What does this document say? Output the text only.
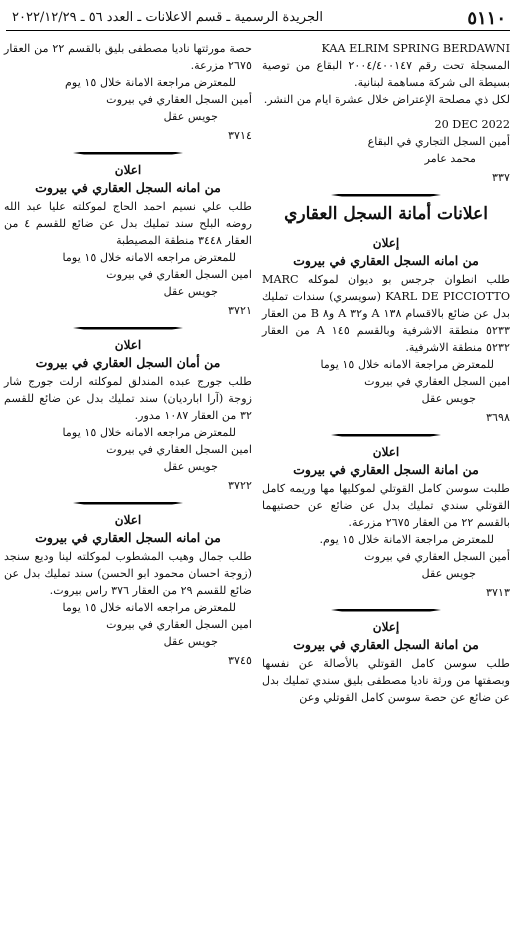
٥١١٠
الجريدة الرسمية ـ قسم الاعلانات ـ العدد ٥٦ ـ ٢٠٢٢/١٢/٢٩

KAA ELRIM SPRING BERDAWNI

المسجلة تحت رقم ٢٠٠٤/٤٠٠١٤٧ البقاع من توصية بسيطة الى شركة مساهمة لبنانية.

لكل ذي مصلحة الإعتراض خلال عشرة ايام من النشر.

20 DEC 2022

أمين السجل التجاري في البقاع

محمد عامر

٣٣٧

اعلانات أمانة السجل العقاري
إعلان
من امانه السجل العقاري في بيروت

طلب انطوان جرجس بو ديوان لموكله MARC KARL DE PICCIOTTO (سويسري) سندات تمليك بدل عن ضائع بالاقسام ١٣٨ A و٣٢ A و٨ B من العقار ٥٢٣٣ منطقة الاشرفية وبالقسم ١٤٥ A من العقار ٥٢٣٢ منطقة الاشرفية.

للمعترض مراجعة الامانه خلال ١٥ يوما

امين السجل العقاري في بيروت

جويس عقل

٣٦٩٨

اعلان
من امانة السجل العقاري في بيروت

طلبت سوسن كامل القوتلي لموكليها مها وريمه كامل القوتلي سندي تمليك بدل عن ضائع عن حصتيهما بالقسم ٢٢ من العقار ٢٦٧٥ مزرعة.

للمعترض مراجعة الامانة خلال ١٥ يوم.

أمين السجل العقاري في بيروت

جويس عقل

٣٧١٣

إعلان
من امانة السجل العقاري في بيروت

طلب سوسن كامل القوتلي بالأصالة عن نفسها وبصفتها من ورثة ناديا مصطفى بليق سندي تمليك بدل عن ضائع عن حصة سوسن كامل القوتلي وعن

حصة مورثتها ناديا مصطفى بليق بالقسم ٢٢ من العقار ٢٦٧٥ مزرعة.

للمعترض مراجعة الامانة خلال ١٥ يوم

أمين السجل العقاري في بيروت

جويس عقل

٣٧١٤

اعلان
من امانه السجل العقاري في بيروت

طلب علي نسيم احمد الحاج لموكلته عليا عبد الله روضه البلح سند تمليك بدل عن ضائع للقسم ٤ من العقار ٣٤٤٨ منطقة المصيطبة

للمعترض مراجعه الامانه خلال ١٥ يوما

امين السجل العقاري في بيروت

جويس عقل

٣٧٢١

اعلان
من أمان السجل العقاري في بيروت

طلب جورج عبده المندلق لموكلته ارلت جورج شار زوجة (آرا اباردیان) سند تمليك بدل عن ضائع للقسم ٣٢ من العقار ١٠٨٧ مدور.

للمعترض مراجعه الامانه خلال ١٥ يوما

امين السجل العقاري في بيروت

جويس عقل

٣٧٢٢

اعلان
من امانه السجل العقاري في بيروت

طلب جمال وهيب المشطوب لموكلته لينا وديع سنجد (زوجة احسان محمود ابو الحسن) سند تمليك بدل عن ضائع للقسم ٢٩ من العقار ٣٧٦ راس بيروت.

للمعترض مراجعه الامانه خلال ١٥ يوما

امين السجل العقاري في بيروت

جويس عقل

٣٧٤٥
